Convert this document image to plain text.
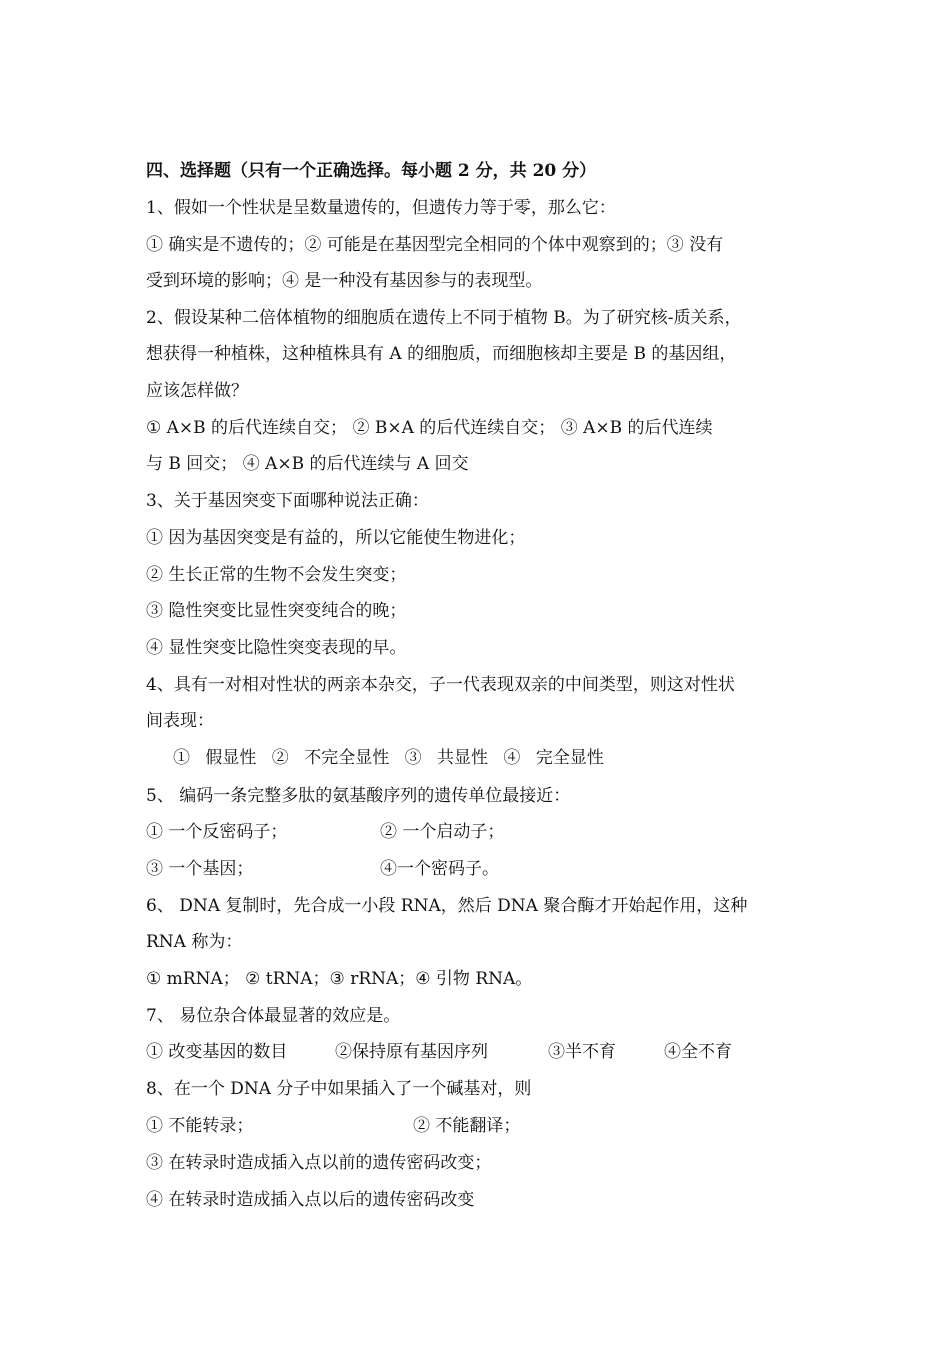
四、选择题（只有一个正确选择。每小题 2 分，共 20 分）
1、假如一个性状是呈数量遗传的，但遗传力等于零，那么它：
① 确实是不遗传的；② 可能是在基因型完全相同的个体中观察到的；③ 没有
受到环境的影响；④ 是一种没有基因参与的表现型。
2、假设某种二倍体植物的细胞质在遗传上不同于植物 B。为了研究核-质关系，
想获得一种植株，这种植株具有 A 的细胞质，而细胞核却主要是 B 的基因组，
应该怎样做？
① A×B 的后代连续自交； ② B×A 的后代连续自交； ③ A×B 的后代连续
与 B 回交； ④ A×B 的后代连续与 A 回交
3、关于基因突变下面哪种说法正确：
① 因为基因突变是有益的，所以它能使生物进化；
② 生长正常的生物不会发生突变；
③ 隐性突变比显性突变纯合的晚；
④ 显性突变比隐性突变表现的早。
4、具有一对相对性状的两亲本杂交，子一代表现双亲的中间类型，则这对性状
间表现：
① 假显性 ② 不完全显性 ③ 共显性 ④ 完全显性
5、 编码一条完整多肽的氨基酸序列的遗传单位最接近：
① 一个反密码子；	② 一个启动子；
③ 一个基因；	④一个密码子。
6、 DNA 复制时，先合成一小段 RNA，然后 DNA 聚合酶才开始起作用，这种
RNA 称为：
① mRNA； ② tRNA；③ rRNA；④ 引物 RNA。
7、 易位杂合体最显著的效应是。
① 改变基因的数目	②保持原有基因序列	③半不育	④全不育
8、在一个 DNA 分子中如果插入了一个碱基对，则
① 不能转录；	② 不能翻译；
③ 在转录时造成插入点以前的遗传密码改变；
④ 在转录时造成插入点以后的遗传密码改变
